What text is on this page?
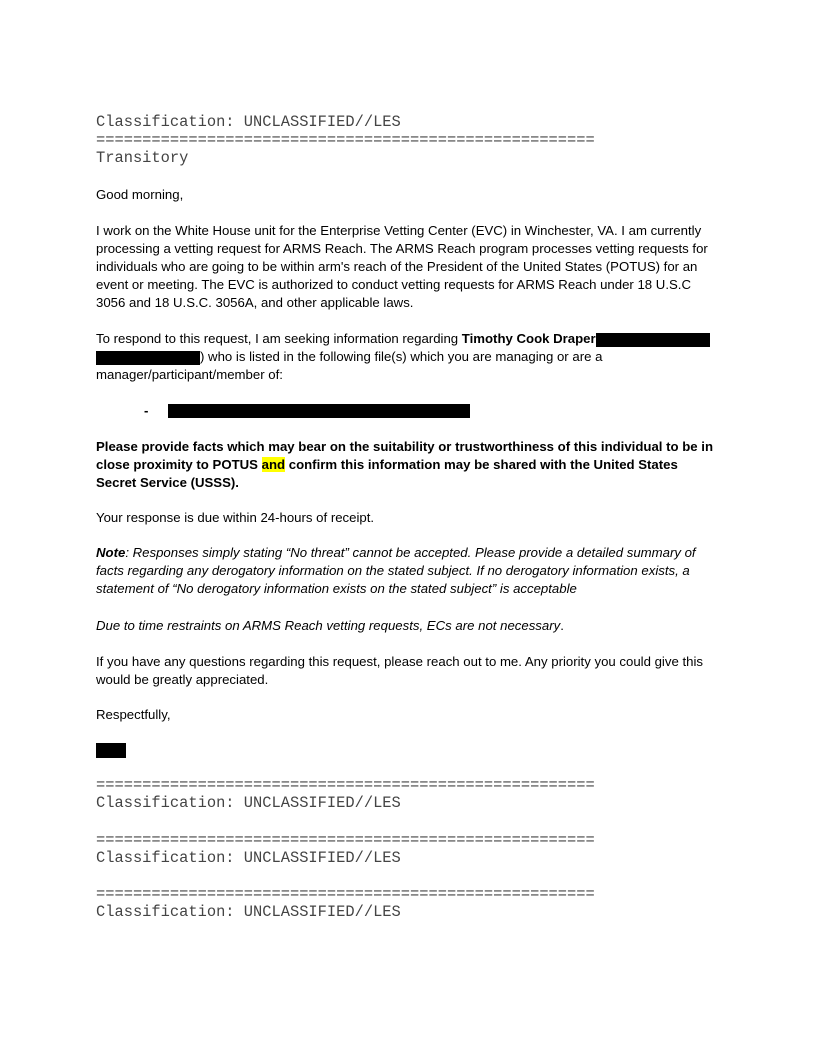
Classification: UNCLASSIFIED//LES
======================================================
Transitory
Good morning,
I work on the White House unit for the Enterprise Vetting Center (EVC) in Winchester, VA. I am currently processing a vetting request for ARMS Reach. The ARMS Reach program processes vetting requests for individuals who are going to be within arm's reach of the President of the United States (POTUS) for an event or meeting. The EVC is authorized to conduct vetting requests for ARMS Reach under 18 U.S.C 3056 and 18 U.S.C. 3056A, and other applicable laws.
To respond to this request, I am seeking information regarding Timothy Cook Draper ) who is listed in the following file(s) which you are managing or are a manager/participant/member of:
-
Please provide facts which may bear on the suitability or trustworthiness of this individual to be in close proximity to POTUS and confirm this information may be shared with the United States Secret Service (USSS).
Your response is due within 24-hours of receipt.
Note: Responses simply stating “No threat” cannot be accepted. Please provide a detailed summary of facts regarding any derogatory information on the stated subject. If no derogatory information exists, a statement of “No derogatory information exists on the stated subject” is acceptable
Due to time restraints on ARMS Reach vetting requests, ECs are not necessary.
If you have any questions regarding this request, please reach out to me. Any priority you could give this would be greatly appreciated.
Respectfully,
======================================================
Classification: UNCLASSIFIED//LES
======================================================
Classification: UNCLASSIFIED//LES
======================================================
Classification: UNCLASSIFIED//LES
